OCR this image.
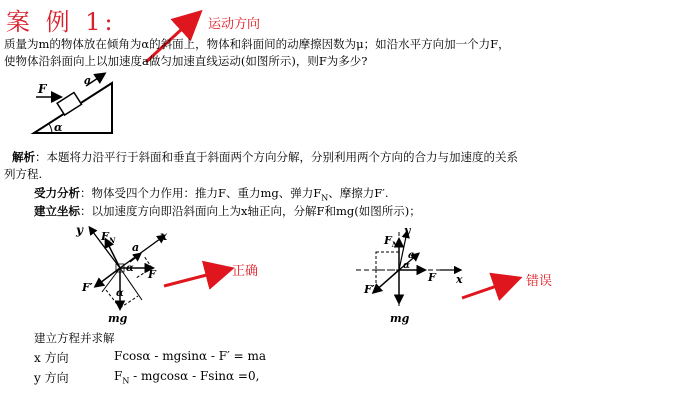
案 例 1:	运动方向
质量为m的物体放在倾角为α的斜面上，物体和斜面间的动摩擦因数为μ；如沿水平方向加一个力F，
使物体沿斜面向上以加速度a做匀加速直线运动(如图所示)，则F为多少?
F
a
α
解析：本题将力沿平行于斜面和垂直于斜面两个方向分解，分别利用两个方向的合力与加速度的关系
列方程.
受力分析：物体受四个力作用：推力F、重力mg、弹力$F_N$、摩擦力F′.
建立坐标：以加速度方向即沿斜面向上为x轴正向，分解F和mg(如图所示)；
y	x
$F_N$
a
α F
F′ α
mg
正确
$F_N$
y
a
α
F x
F′
mg
错误
建立方程并求解
x 方向	Fcosα - mgsinα - F′ = ma
y 方向	$F_N - mgcos\alpha - Fsin\alpha =0$,
